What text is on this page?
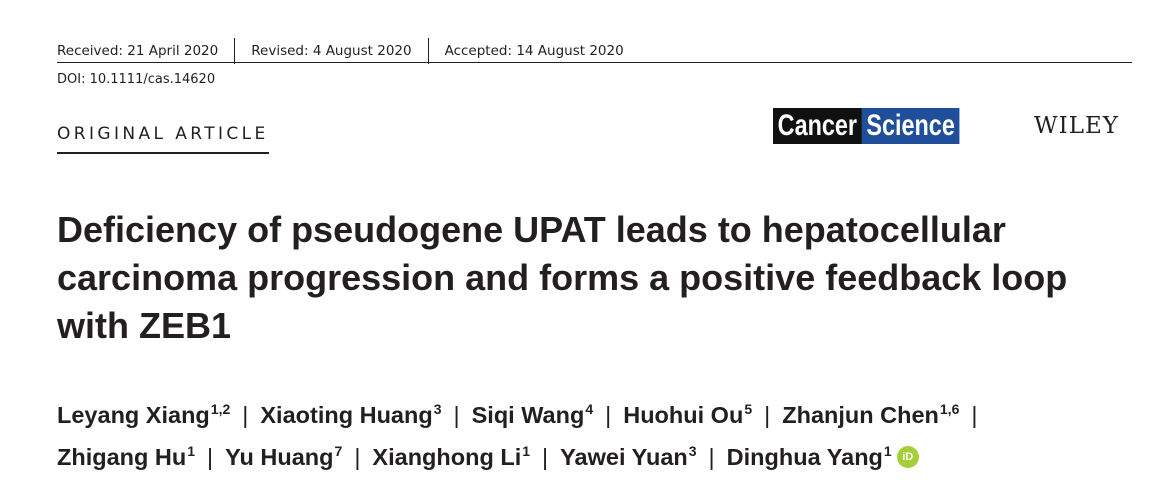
Received: 21 April 2020 Revised: 4 August 2020 Accepted: 14 August 2020
DOI: 10.1111/cas.14620
ORIGINAL ARTICLE	Cancer Science	WILEY
Deficiency of pseudogene UPAT leads to hepatocellular carcinoma progression and forms a positive feedback loop with ZEB1
Leyang Xiang$^{1,2}$ | Xiaoting Huang$^3$ | Siqi Wang$^4$ | Huohui Ou$^5$ | Zhanjun Chen$^{1,6}$ |
Zhigang Hu$^1$ | Yu Huang$^7$ | Xianghong Li$^1$ | Yawei Yuan$^3$ | Dinghua Yang$^1$ iD
